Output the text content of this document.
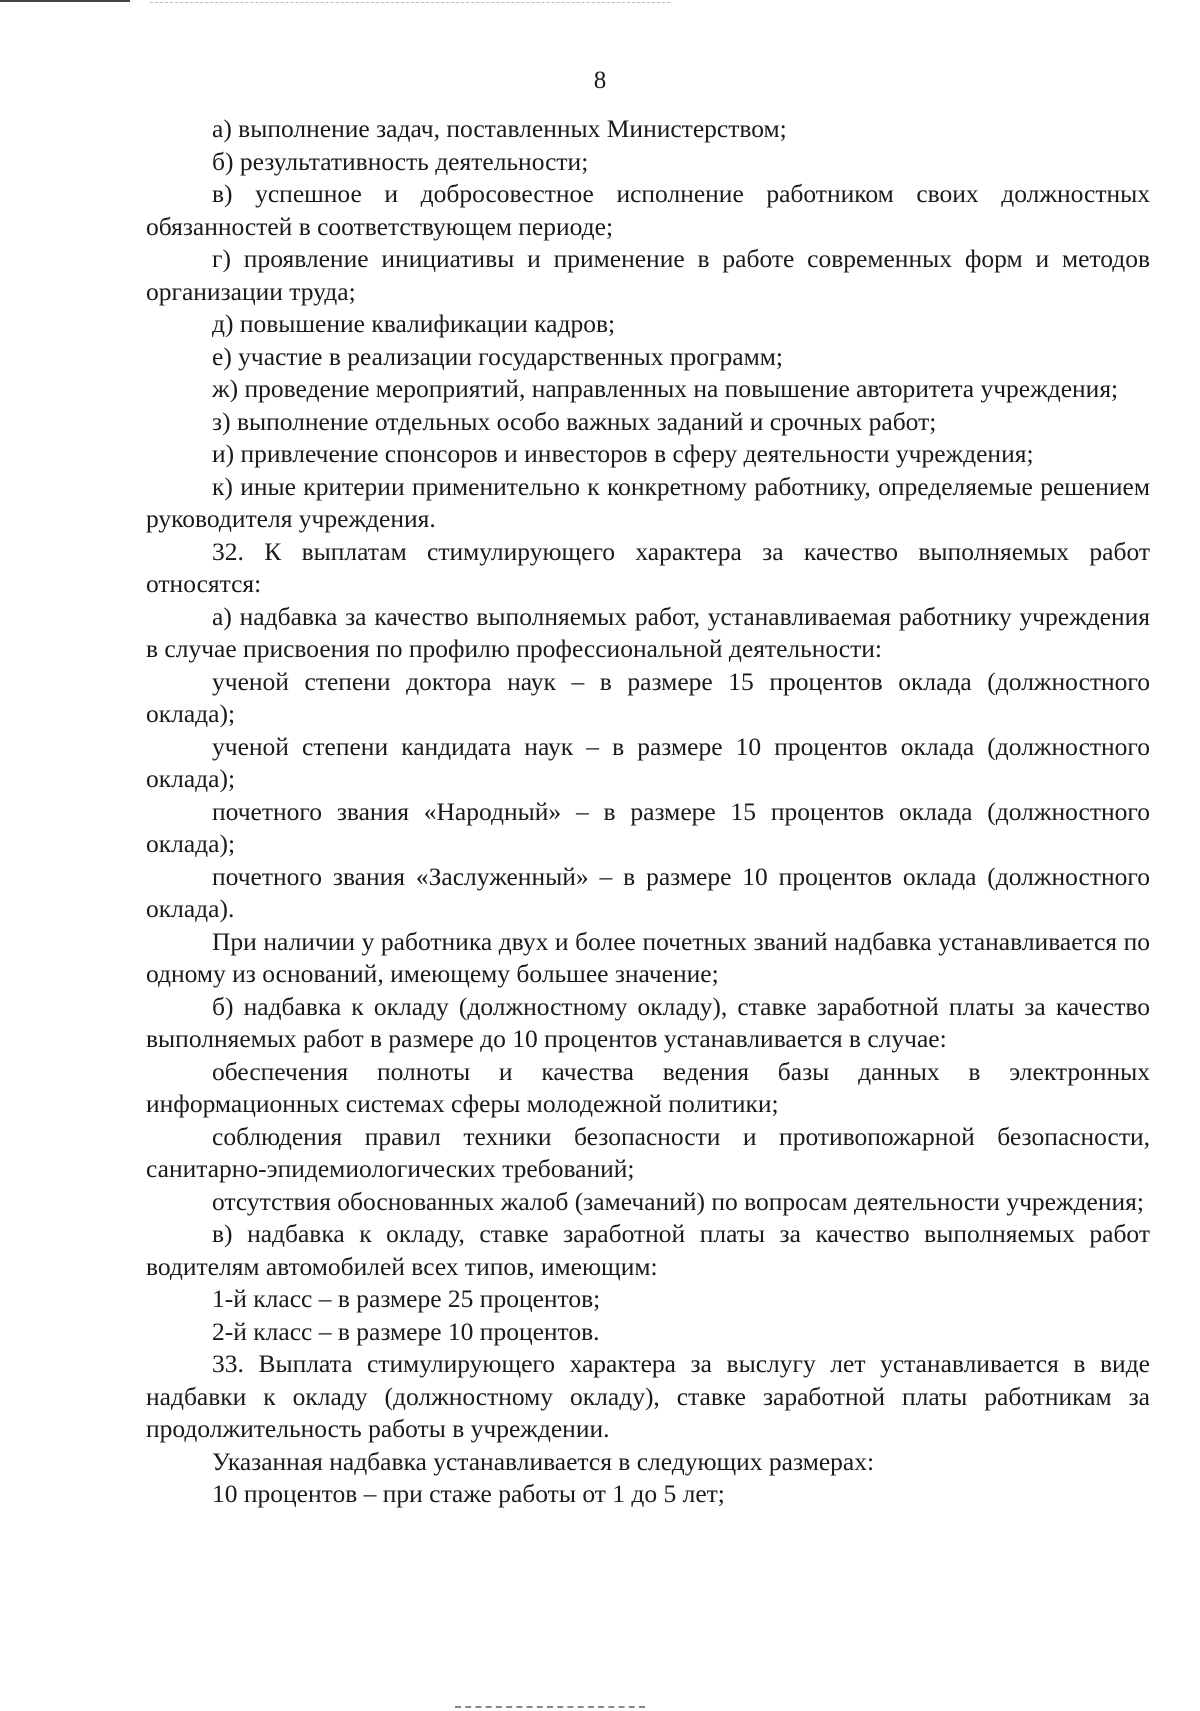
8

а) выполнение задач, поставленных Министерством;

б) результативность деятельности;

в) успешное и добросовестное исполнение работником своих должностных обязанностей в соответствующем периоде;

г) проявление инициативы и применение в работе современных форм и методов организации труда;

д) повышение квалификации кадров;

е) участие в реализации государственных программ;

ж) проведение мероприятий, направленных на повышение авторитета учреждения;

з) выполнение отдельных особо важных заданий и срочных работ;

и) привлечение спонсоров и инвесторов в сферу деятельности учреждения;

к) иные критерии применительно к конкретному работнику, определяемые решением руководителя учреждения.

32. К выплатам стимулирующего характера за качество выполняемых работ относятся:

а) надбавка за качество выполняемых работ, устанавливаемая работнику учреждения в случае присвоения по профилю профессиональной деятельности:

ученой степени доктора наук – в размере 15 процентов оклада (должностного оклада);

ученой степени кандидата наук – в размере 10 процентов оклада (должностного оклада);

почетного звания «Народный» – в размере 15 процентов оклада (должностного оклада);

почетного звания «Заслуженный» – в размере 10 процентов оклада (должностного оклада).

При наличии у работника двух и более почетных званий надбавка устанавливается по одному из оснований, имеющему большее значение;

б) надбавка к окладу (должностному окладу), ставке заработной платы за качество выполняемых работ в размере до 10 процентов устанавливается в случае:

обеспечения полноты и качества ведения базы данных в электронных информационных системах сферы молодежной политики;

соблюдения правил техники безопасности и противопожарной безопасности, санитарно-эпидемиологических требований;

отсутствия обоснованных жалоб (замечаний) по вопросам деятельности учреждения;

в) надбавка к окладу, ставке заработной платы за качество выполняемых работ водителям автомобилей всех типов, имеющим:

1-й класс – в размере 25 процентов;

2-й класс – в размере 10 процентов.

33. Выплата стимулирующего характера за выслугу лет устанавливается в виде надбавки к окладу (должностному окладу), ставке заработной платы работникам за продолжительность работы в учреждении.

Указанная надбавка устанавливается в следующих размерах:

10 процентов – при стаже работы от 1 до 5 лет;
